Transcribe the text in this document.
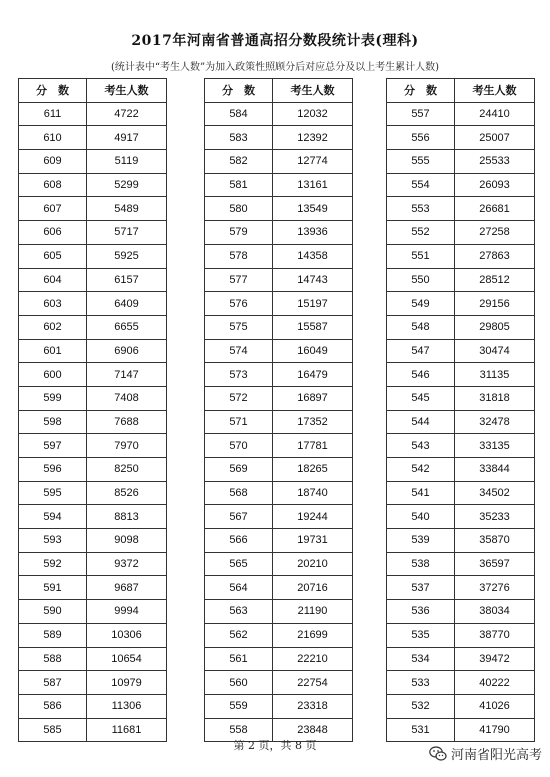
2017年河南省普通高招分数段统计表(理科)
(统计表中“考生人数”为加入政策性照顾分后对应总分及以上考生累计人数)
分　数	考生人数
611	4722
610	4917
609	5119
608	5299
607	5489
606	5717
605	5925
604	6157
603	6409
602	6655
601	6906
600	7147
599	7408
598	7688
597	7970
596	8250
595	8526
594	8813
593	9098
592	9372
591	9687
590	9994
589	10306
588	10654
587	10979
586	11306
585	11681
分　数	考生人数
584	12032
583	12392
582	12774
581	13161
580	13549
579	13936
578	14358
577	14743
576	15197
575	15587
574	16049
573	16479
572	16897
571	17352
570	17781
569	18265
568	18740
567	19244
566	19731
565	20210
564	20716
563	21190
562	21699
561	22210
560	22754
559	23318
558	23848
分　数	考生人数
557	24410
556	25007
555	25533
554	26093
553	26681
552	27258
551	27863
550	28512
549	29156
548	29805
547	30474
546	31135
545	31818
544	32478
543	33135
542	33844
541	34502
540	35233
539	35870
538	36597
537	37276
536	38034
535	38770
534	39472
533	40222
532	41026
531	41790
第 2 页，共 8 页
河南省阳光高考
